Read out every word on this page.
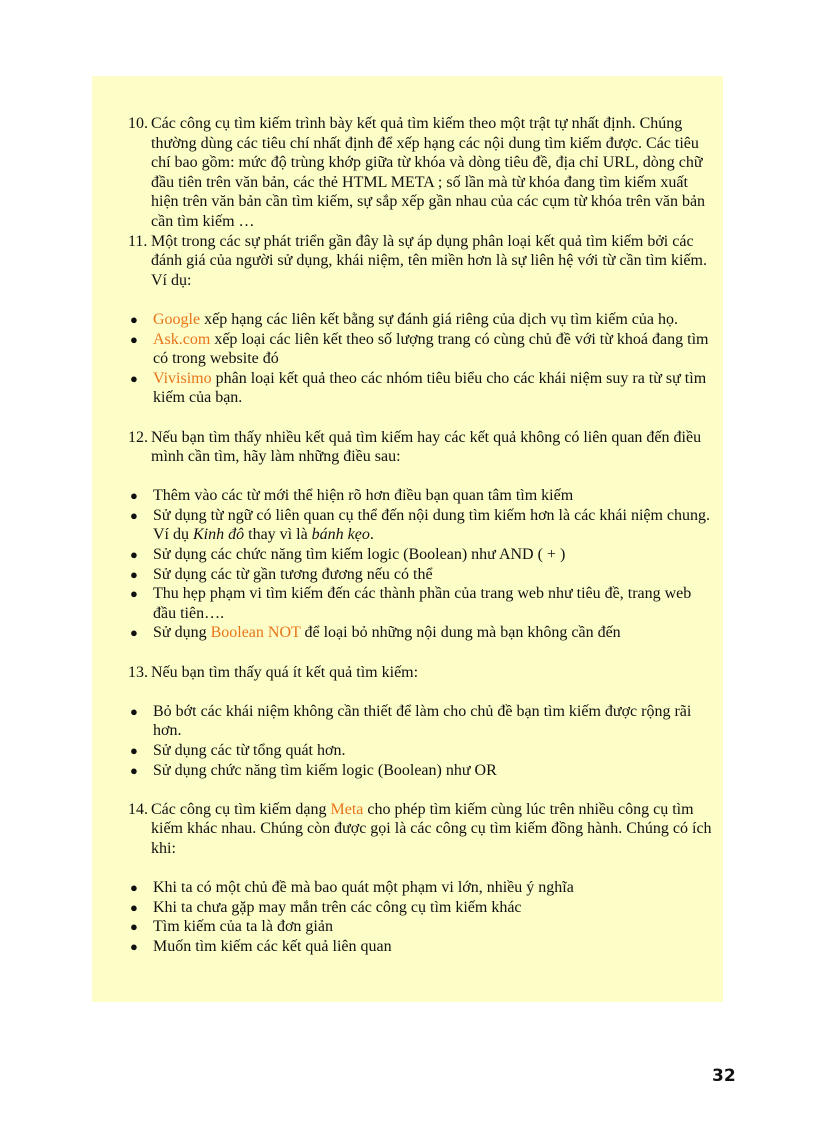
10. Các công cụ tìm kiếm trình bày kết quả tìm kiếm theo một trật tự nhất định. Chúng thường dùng các tiêu chí nhất định để xếp hạng các nội dung tìm kiếm được. Các tiêu chí bao gồm: mức độ trùng khớp giữa từ khóa và dòng tiêu đề, địa chỉ URL, dòng chữ đầu tiên trên văn bản, các thẻ HTML META ; số lần mà từ khóa đang tìm kiếm xuất hiện trên văn bản cần tìm kiếm, sự sắp xếp gần nhau của các cụm từ khóa trên văn bản cần tìm kiếm …
11. Một trong các sự phát triển gần đây là sự áp dụng phân loại kết quả tìm kiếm bởi các đánh giá của người sử dụng, khái niệm, tên miền hơn là sự liên hệ với từ cần tìm kiếm. Ví dụ:
● Google xếp hạng các liên kết bằng sự đánh giá riêng của dịch vụ tìm kiếm của họ.
● Ask.com xếp loại các liên kết theo số lượng trang có cùng chủ đề với từ khoá đang tìm có trong website đó
● Vivisimo phân loại kết quả theo các nhóm tiêu biểu cho các khái niệm suy ra từ sự tìm kiếm của bạn.
12. Nếu bạn tìm thấy nhiều kết quả tìm kiếm hay các kết quả không có liên quan đến điều mình cần tìm, hãy làm những điều sau:
● Thêm vào các từ mới thể hiện rõ hơn điều bạn quan tâm tìm kiếm
● Sử dụng từ ngữ có liên quan cụ thể đến nội dung tìm kiếm hơn là các khái niệm chung. Ví dụ Kinh đô thay vì là bánh kẹo.
● Sử dụng các chức năng tìm kiếm logic (Boolean) như AND ( + )
● Sử dụng các từ gần tương đương nếu có thể
● Thu hẹp phạm vi tìm kiếm đến các thành phần của trang web như tiêu đề, trang web đầu tiên….
● Sử dụng Boolean NOT để loại bỏ những nội dung mà bạn không cần đến
13. Nếu bạn tìm thấy quá ít kết quả tìm kiếm:
● Bỏ bớt các khái niệm không cần thiết để làm cho chủ đề bạn tìm kiếm được rộng rãi hơn.
● Sử dụng các từ tổng quát hơn.
● Sử dụng chức năng tìm kiếm logic (Boolean) như OR
14. Các công cụ tìm kiếm dạng Meta cho phép tìm kiếm cùng lúc trên nhiều công cụ tìm kiếm khác nhau. Chúng còn được gọi là các công cụ tìm kiếm đồng hành. Chúng có ích khi:
● Khi ta có một chủ đề mà bao quát một phạm vi lớn, nhiều ý nghĩa
● Khi ta chưa gặp may mắn trên các công cụ tìm kiếm khác
● Tìm kiếm của ta là đơn giản
● Muốn tìm kiếm các kết quả liên quan
32
